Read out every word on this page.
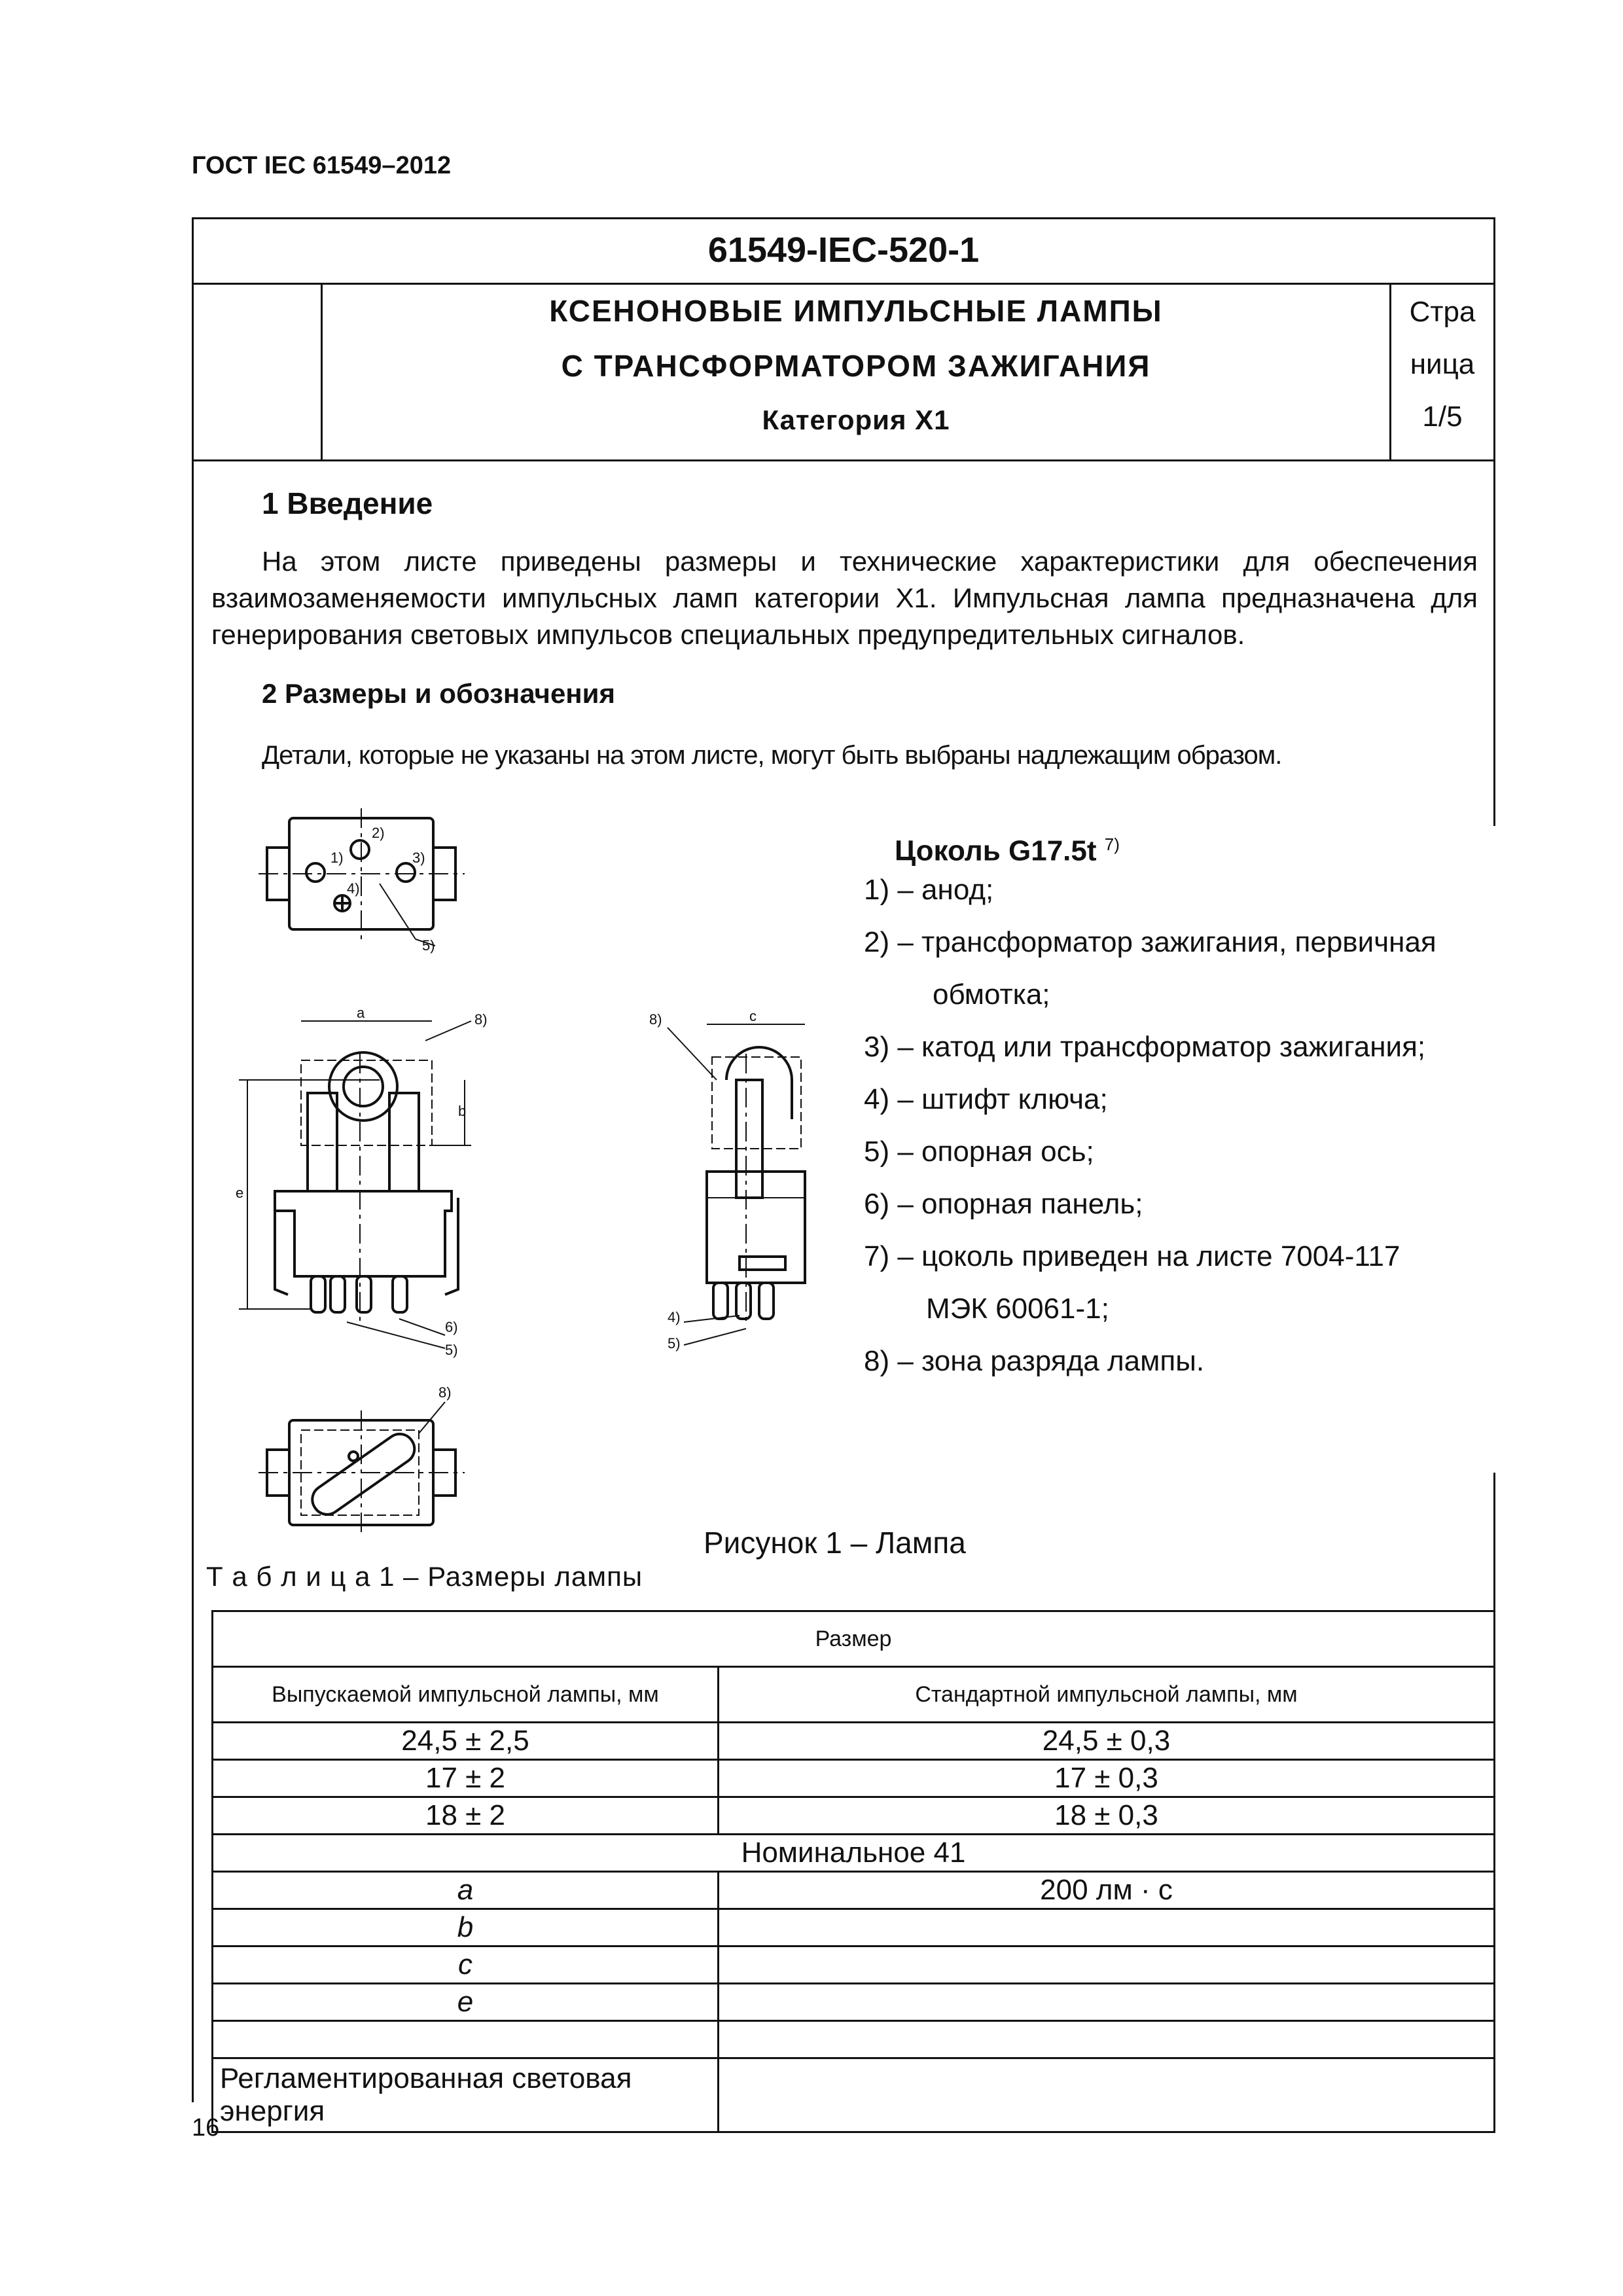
ГОСТ IEC 61549–2012
61549-IEC-520-1
КСЕНОНОВЫЕ ИМПУЛЬСНЫЕ ЛАМПЫ
С ТРАНСФОРМАТОРОМ ЗАЖИГАНИЯ
Категория X1
Стра
ница
1/5
1 Введение
На этом листе приведены размеры и технические характеристики для обеспечения взаимозаменяемости импульсных ламп категории X1. Импульсная лампа предназначена для генерирования световых импульсов специальных предупредительных сигналов.
2 Размеры и обозначения
Детали, которые не указаны на этом листе, могут быть выбраны надлежащим образом.
2)
1)	3)
4)
5)
a
b
e
8)
6)
5)
c
8)
4)
5)
8)
Цоколь G17.5t $^{7)}$
1) – анод;
2) – трансформатор зажигания, первичная
обмотка;
3) – катод или трансформатор зажигания;
4) – штифт ключа;
5) – опорная ось;
6) – опорная панель;
7) – цоколь приведен на листе 7004-117
МЭК 60061-1;
8) – зона разряда лампы.
Рисунок 1 – Лампа
Т а б л и ц а 1 – Размеры лампы
Размер	
Выпускаемой импульсной лампы, мм	Стандартной импульсной лампы, мм
24,5 ± 2,5	24,5 ± 0,3
17 ± 2	17 ± 0,3
18 ± 2	18 ± 0,3
Номинальное 41	
a	200 лм · с
b	
c	
e	

Регламентированная световая энергия	
16
